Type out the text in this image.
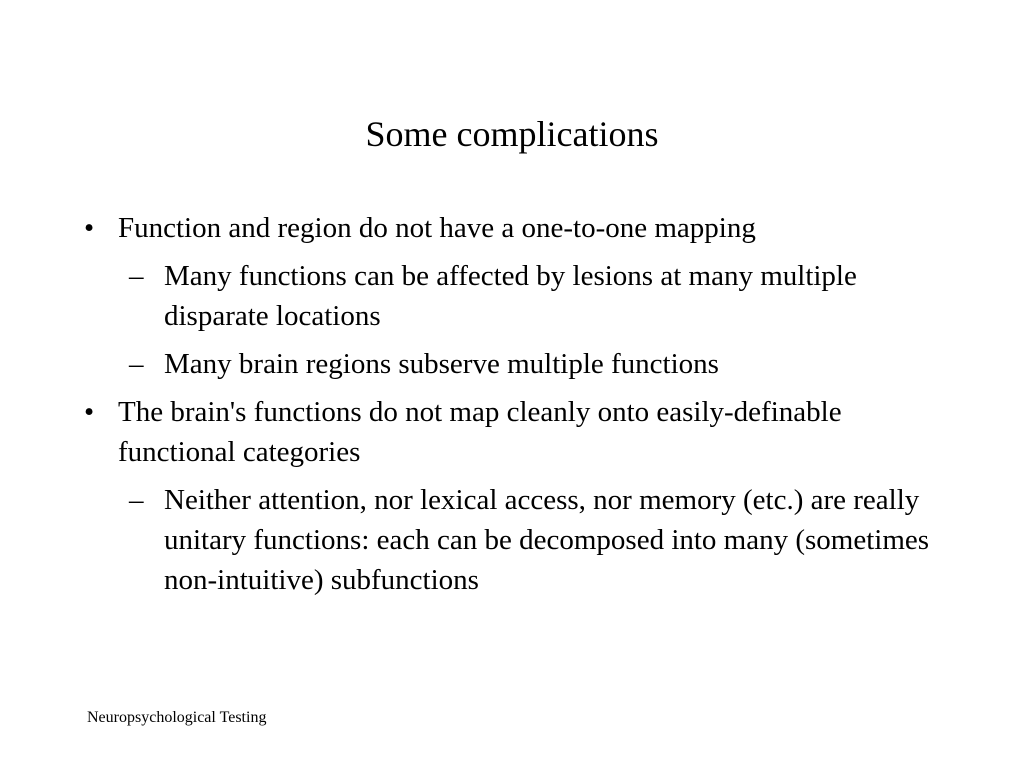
Some complications
• Function and region do not have a one-to-one mapping
– Many functions can be affected by lesions at many multiple disparate locations
– Many brain regions subserve multiple functions
• The brain's functions do not map cleanly onto easily-definable functional categories
– Neither attention, nor lexical access, nor memory (etc.) are really unitary functions: each can be decomposed into many (sometimes non-intuitive) subfunctions
Neuropsychological Testing
